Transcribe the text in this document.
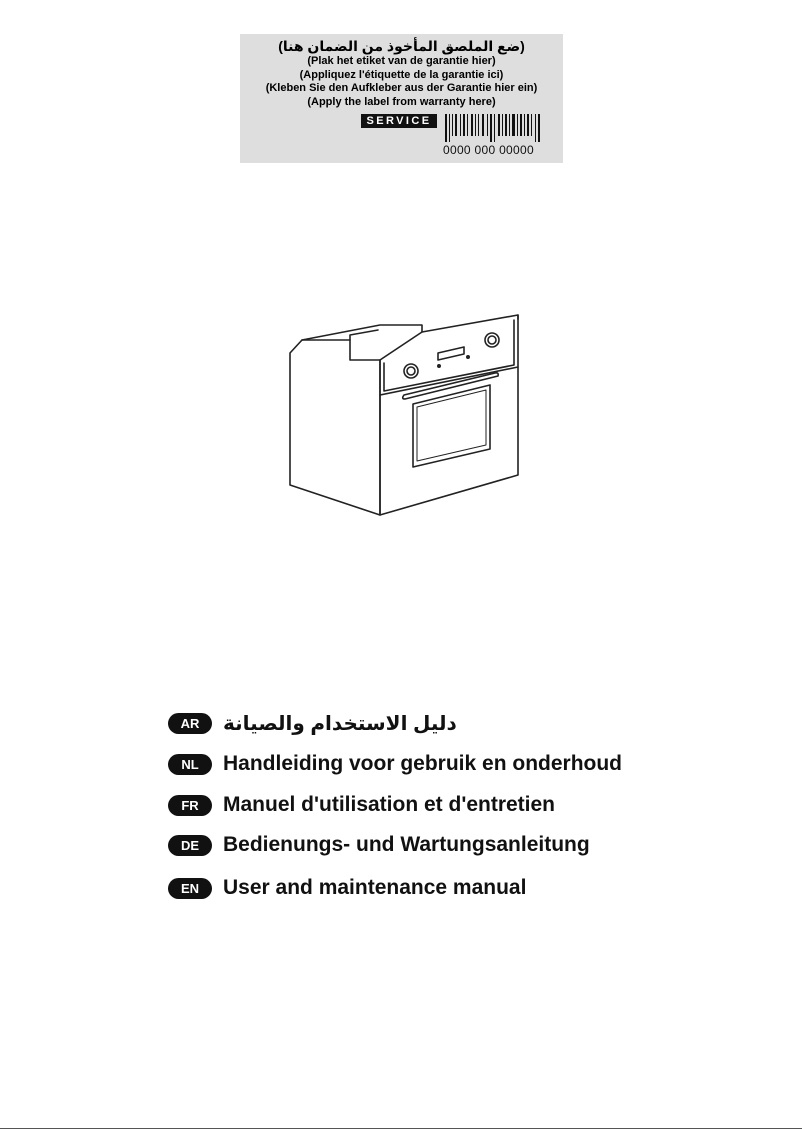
(ضع الملصق المأخوذ من الضمان هنا)
(Plak het etiket van de garantie hier)
(Appliquez l'étiquette de la garantie ici)
(Kleben Sie den Aufkleber aus der Garantie hier ein)
(Apply the label from warranty here)
SERVICE
0000 000 00000
AR	دليل الاستخدام والصيانة
NL	Handleiding voor gebruik en onderhoud
FR	Manuel d'utilisation et d'entretien
DE	Bedienungs- und Wartungsanleitung
EN	User and maintenance manual
